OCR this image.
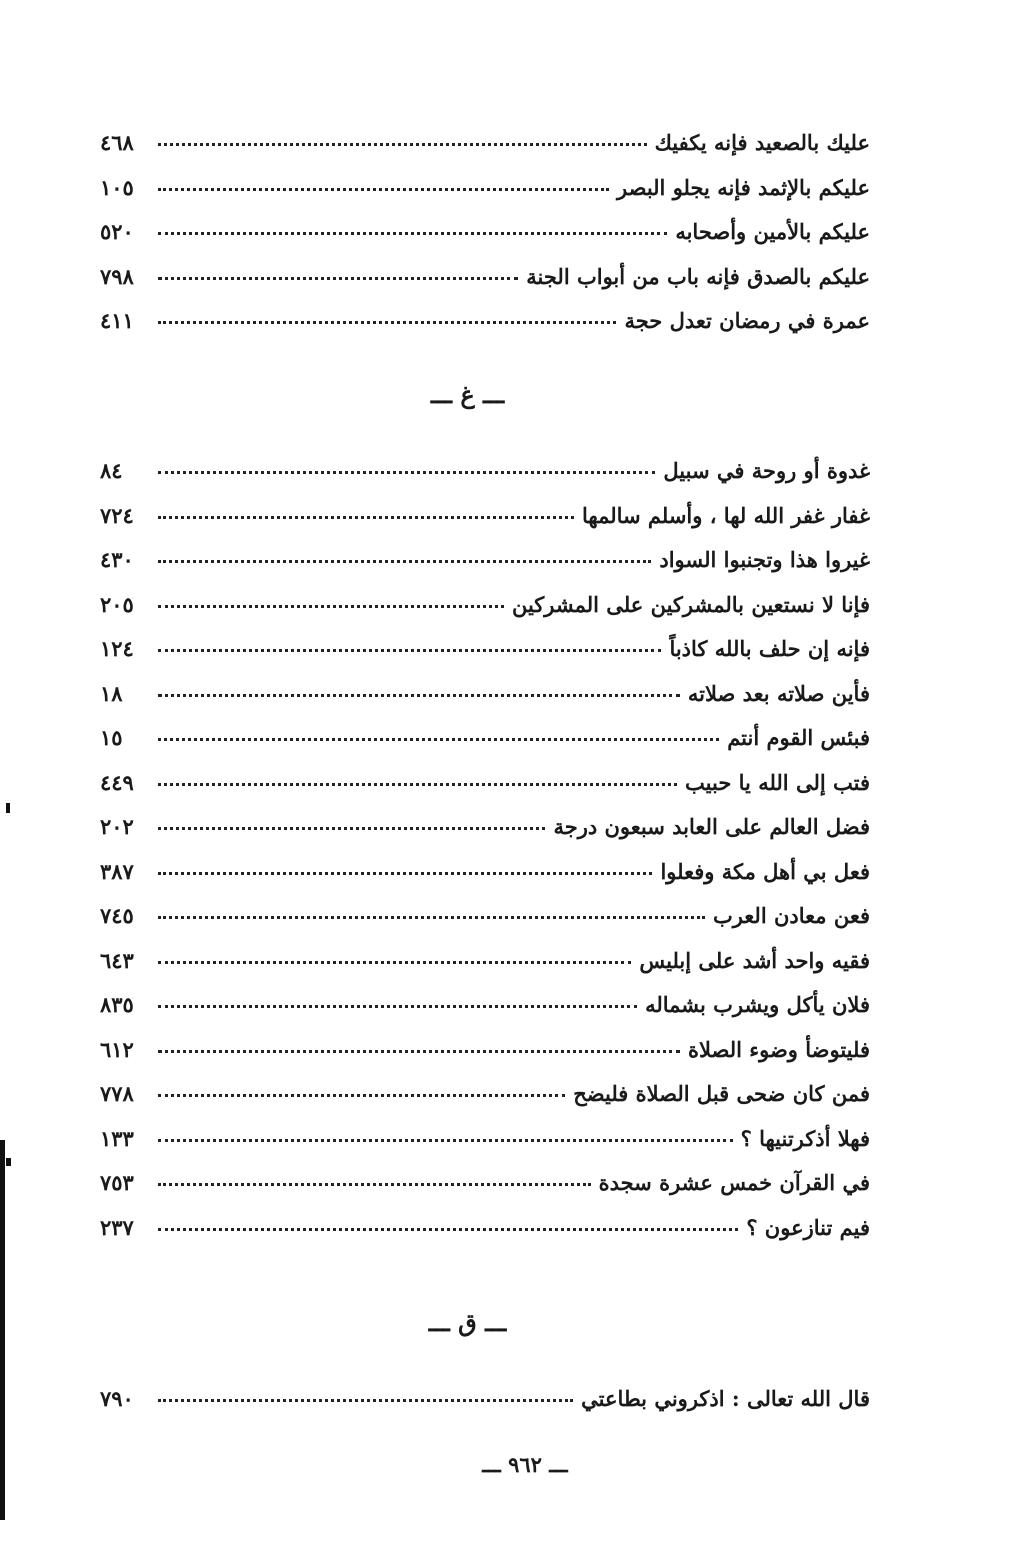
عليك بالصعيد فإنه يكفيك
٤٦٨
عليكم بالإثمد فإنه يجلو البصر
١٠٥
عليكم بالأمين وأصحابه
٥٢٠
عليكم بالصدق فإنه باب من أبواب الجنة
٧٩٨
عمرة في رمضان تعدل حجة
٤١١
ـــ غ ـــ
غدوة أو روحة في سبيل
٨٤
غفار غفر الله لها ، وأسلم سالمها
٧٢٤
غيروا هذا وتجنبوا السواد
٤٣٠
فإنا لا نستعين بالمشركين على المشركين
٢٠٥
فإنه إن حلف بالله كاذباً
١٢٤
فأين صلاته بعد صلاته
١٨
فبئس القوم أنتم
١٥
فتب إلى الله يا حبيب
٤٤٩
فضل العالم على العابد سبعون درجة
٢٠٢
فعل بي أهل مكة وفعلوا
٣٨٧
فعن معادن العرب
٧٤٥
فقيه واحد أشد على إبليس
٦٤٣
فلان يأكل ويشرب بشماله
٨٣٥
فليتوضأ وضوء الصلاة
٦١٢
فمن كان ضحى قبل الصلاة فليضح
٧٧٨
فهلا أذكرتنيها ؟
١٣٣
في القرآن خمس عشرة سجدة
٧٥٣
فيم تنازعون ؟
٢٣٧
ـــ ق ـــ
قال الله تعالى : اذكروني بطاعتي
٧٩٠
ـــ ٩٦٢ ـــ
